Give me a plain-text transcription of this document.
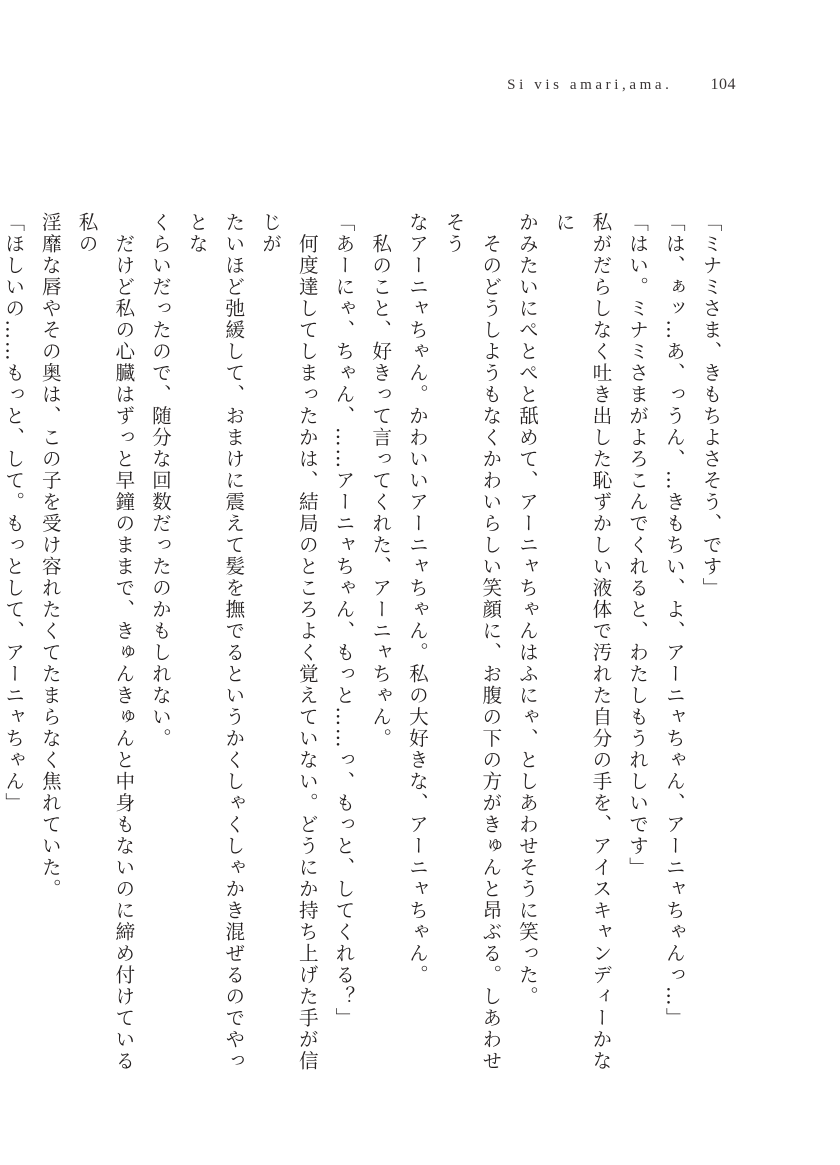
Si vis amari,ama. 104

「ミナミさま、きもちよさそう、です」

「は、ぁッ…あ、っうん、…きもちい、よ、アーニャちゃん、アーニャちゃんっ…」

「はい。ミナミさまがよろこんでくれると、わたしもうれしいです」

私がだらしなく吐き出した恥ずかしい液体で汚れた自分の手を、アイスキャンディーかなに

かみたいにぺとぺと舐めて、アーニャちゃんはふにゃ、としあわせそうに笑った。

　そのどうしようもなくかわいらしい笑顔に、お腹の下の方がきゅんと昂ぶる。しあわせそう

なアーニャちゃん。かわいいアーニャちゃん。私の大好きな、アーニャちゃん。

　私のこと、好きって言ってくれた、アーニャちゃん。

「あーにゃ、ちゃん、……アーニャちゃん、もっと……っ、もっと、してくれる？」

　何度達してしまったかは、結局のところよく覚えていない。どうにか持ち上げた手が信じが

たいほど弛緩して、おまけに震えて髪を撫でるというかくしゃくしゃかき混ぜるのでやっとな

くらいだったので、随分な回数だったのかもしれない。

　だけど私の心臓はずっと早鐘のままで、きゅんきゅんと中身もないのに締め付けている私の

淫靡な唇やその奥は、この子を受け容れたくてたまらなく焦れていた。

「ほしいの……もっと、して。もっとして、アーニャちゃん」
